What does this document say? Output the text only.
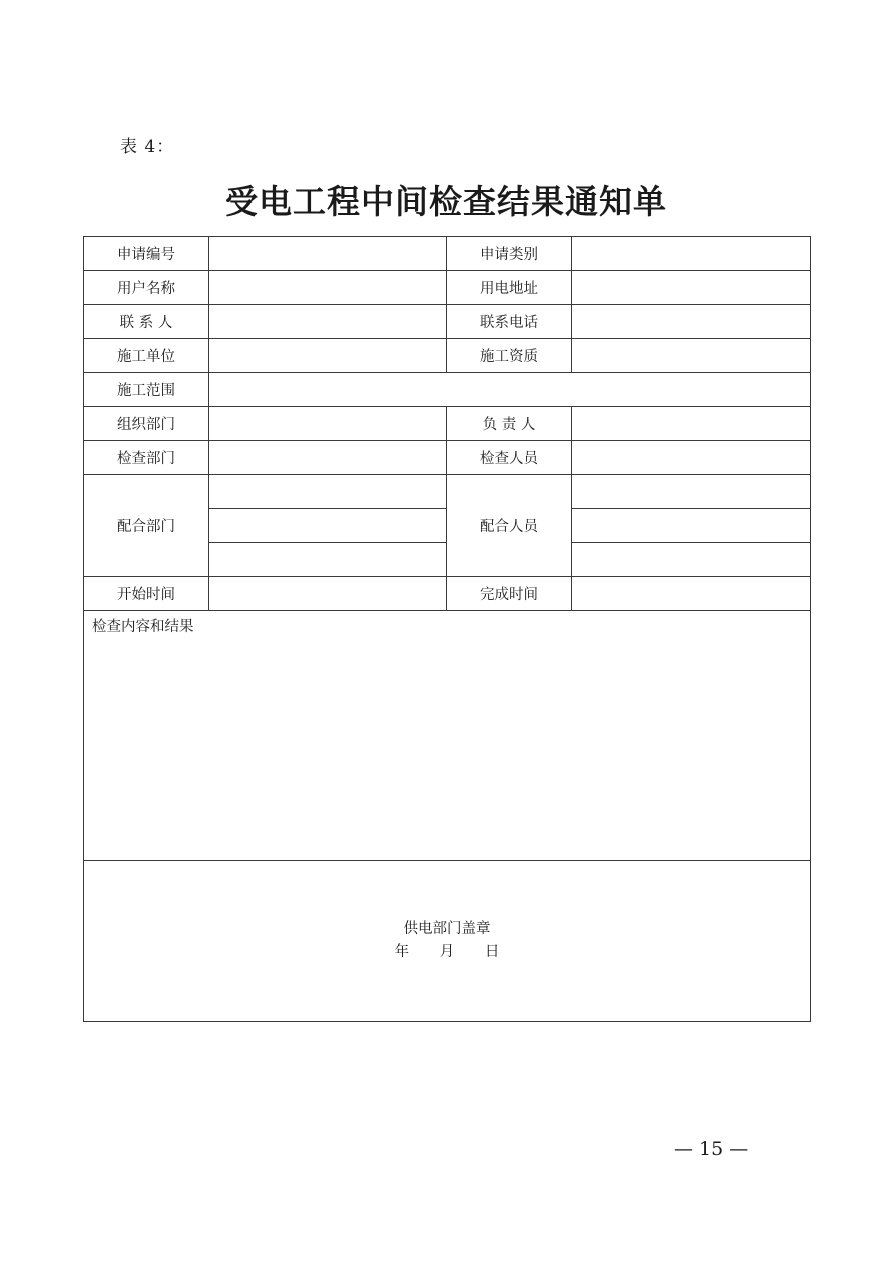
表 4：
受电工程中间检查结果通知单
申请编号		申请类别	
用户名称		用电地址	
联 系 人		联系电话	
施工单位		施工资质	
施工范围			
组织部门		负 责 人	
检查部门		检查人员	
配合部门		配合人员	

开始时间		完成时间	
检查内容和结果			

供电部门盖章
年 月 日			
— 15 —
